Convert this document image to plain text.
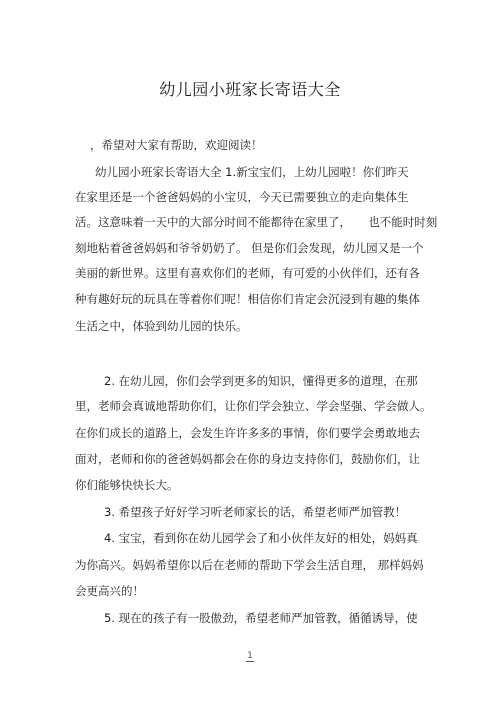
幼儿园小班家长寄语大全
，希望对大家有帮助，欢迎阅读！
幼儿园小班家长寄语大全 1.新宝宝们，上幼儿园啦！你们昨天
在家里还是一个爸爸妈妈的小宝贝，今天已需要独立的走向集体生
活。这意味着一天中的大部分时间不能都待在家里了，　　也不能时时刻
刻地粘着爸爸妈妈和爷爷奶奶了。 但是你们会发现，幼儿园又是一个
美丽的新世界。这里有喜欢你们的老师，有可爱的小伙伴们，还有各
种有趣好玩的玩具在等着你们呢！相信你们肯定会沉浸到有趣的集体
生活之中，体验到幼儿园的快乐。
2. 在幼儿园，你们会学到更多的知识，懂得更多的道理，在那
里，老师会真诚地帮助你们，让你们学会独立、学会坚强、学会做人。
在你们成长的道路上，会发生许许多多的事情，你们要学会勇敢地去
面对，老师和你的爸爸妈妈都会在你的身边支持你们，鼓励你们，让
你们能够快快长大。
3. 希望孩子好好学习听老师家长的话，希望老师严加管教！
4. 宝宝，看到你在幼儿园学会了和小伙伴友好的相处，妈妈真
为你高兴。妈妈希望你以后在老师的帮助下学会生活自理， 那样妈妈
会更高兴的！
5. 现在的孩子有一股傲劲，希望老师严加管教，循循诱导，使
1
